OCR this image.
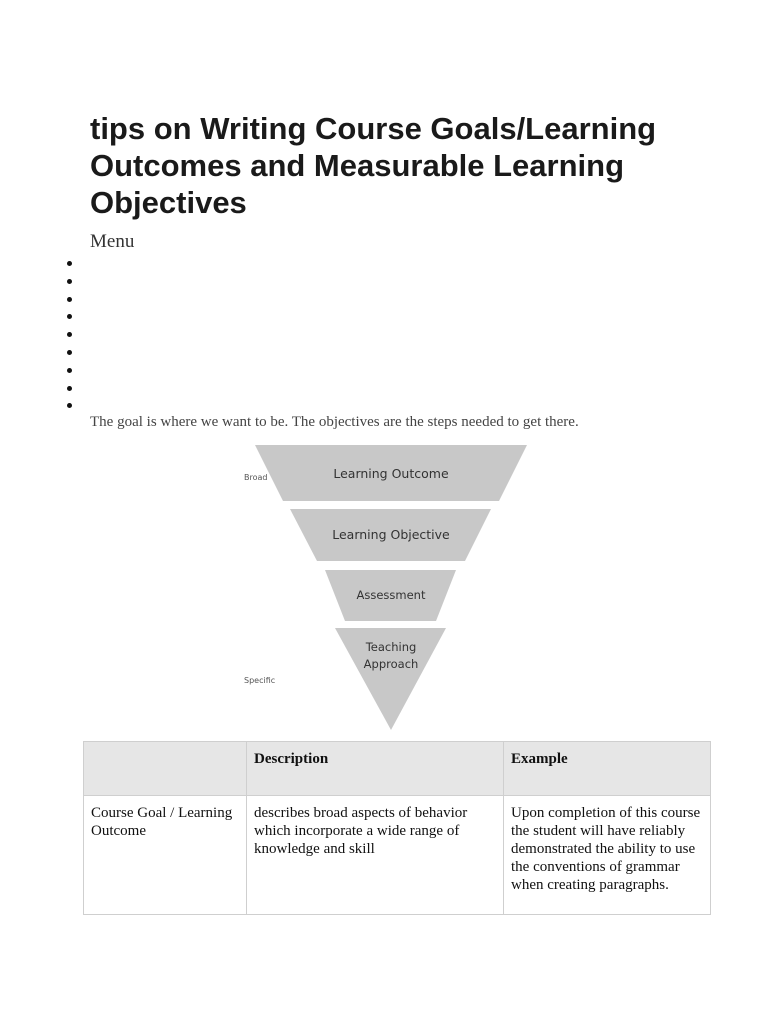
tips on Writing Course Goals/Learning Outcomes and Measurable Learning Objectives
Menu

The goal is where we want to be. The objectives are the steps needed to get there.

Broad
Specific
Learning Outcome
Learning Objective
Assessment
Teaching Approach
	Description	Example
Course Goal / Learning Outcome	describes broad aspects of behavior which incorporate a wide range of knowledge and skill	Upon completion of this course the student will have reliably demonstrated the ability to use the conventions of grammar when creating paragraphs.
